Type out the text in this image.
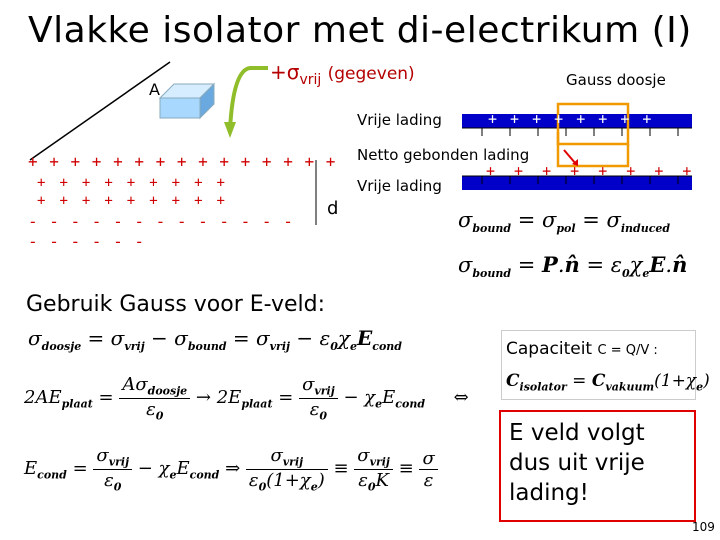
Vlakke isolator met di-electrikum (I)
A
$+\sigma_{vrij}$ (gegeven)
+ + + + + + + + + + + + + + +
+ + + + + + + + +
+ + + + + + + + +
- - - - - - - - - - - - - - - - - - -
d
Gauss doosje
Vrije lading
Netto gebonden lading
Vrije lading
+ + + + + + + +
+ + + + + + + +
$\sigma_{bound} = \sigma_{pol} = \sigma_{induced}$
$\sigma_{bound}$ = P.n̂ = $\varepsilon_0\chi_eE.n̂$
Gebruik Gauss voor E-veld:
$\sigma_{doosje} = \sigma_{vrij} - \sigma_{bound} = \sigma_{vrij} - \varepsilon_0\chi_eE_{cond}$
$2AE_{plaat} = \frac{A\sigma_{doosje}}{\varepsilon_0} \to 2E_{plaat} = \frac{\sigma_{vrij}}{\varepsilon_0} - \chi_eE_{cond}$     ⇔
$E_{cond} = \frac{\sigma_{vrij}}{\varepsilon_0} - \chi_eE_{cond}$ ⇒ $\frac{\sigma_{vrij}}{\varepsilon_0(1+\chi_e)} \equiv \frac{\sigma_{vrij}}{\varepsilon_0K} \equiv \frac{\sigma}{\varepsilon}$
Capaciteit C = Q/V :
$C_{isolator} = C_{vakuum}(1+\chi_e)$
E veld volgt
dus uit vrije
lading!
109
